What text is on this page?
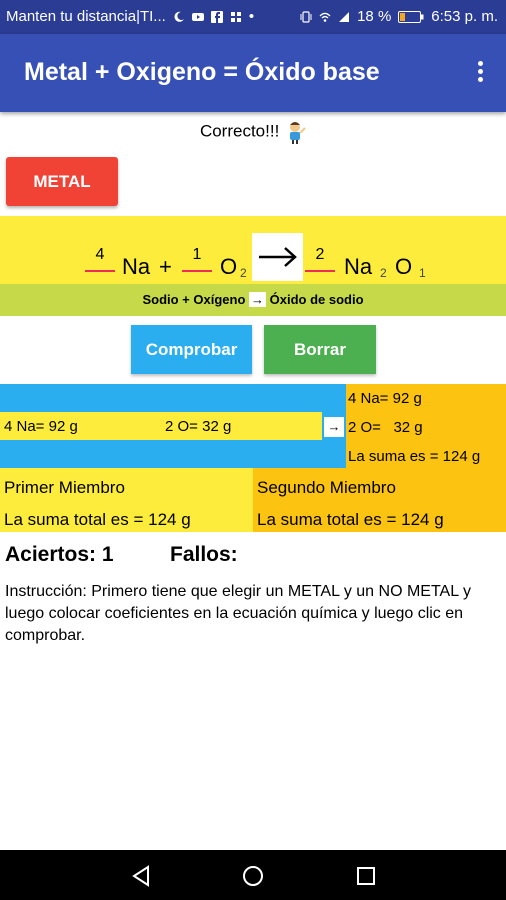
Manten tu distancia|TI...	•	18 %	6:53 p. m.
Metal + Oxigeno = Óxido base
Correcto!!!
METAL
4 Na +	1 O 2
2 Na 2 O 1
Sodio + Oxígeno → Óxido de sodio
Comprobar	Borrar
4 Na= 92 g	2 O= 32 g	→
4 Na= 92 g
2 O=   32 g
La suma es = 124 g
Primer Miembro
La suma total es = 124 g
Segundo Miembro
La suma total es = 124 g
Aciertos: 1	Fallos:
Instrucción: Primero tiene que elegir un METAL y un NO METAL y luego colocar coeficientes en la ecuación química y luego clic en comprobar.
